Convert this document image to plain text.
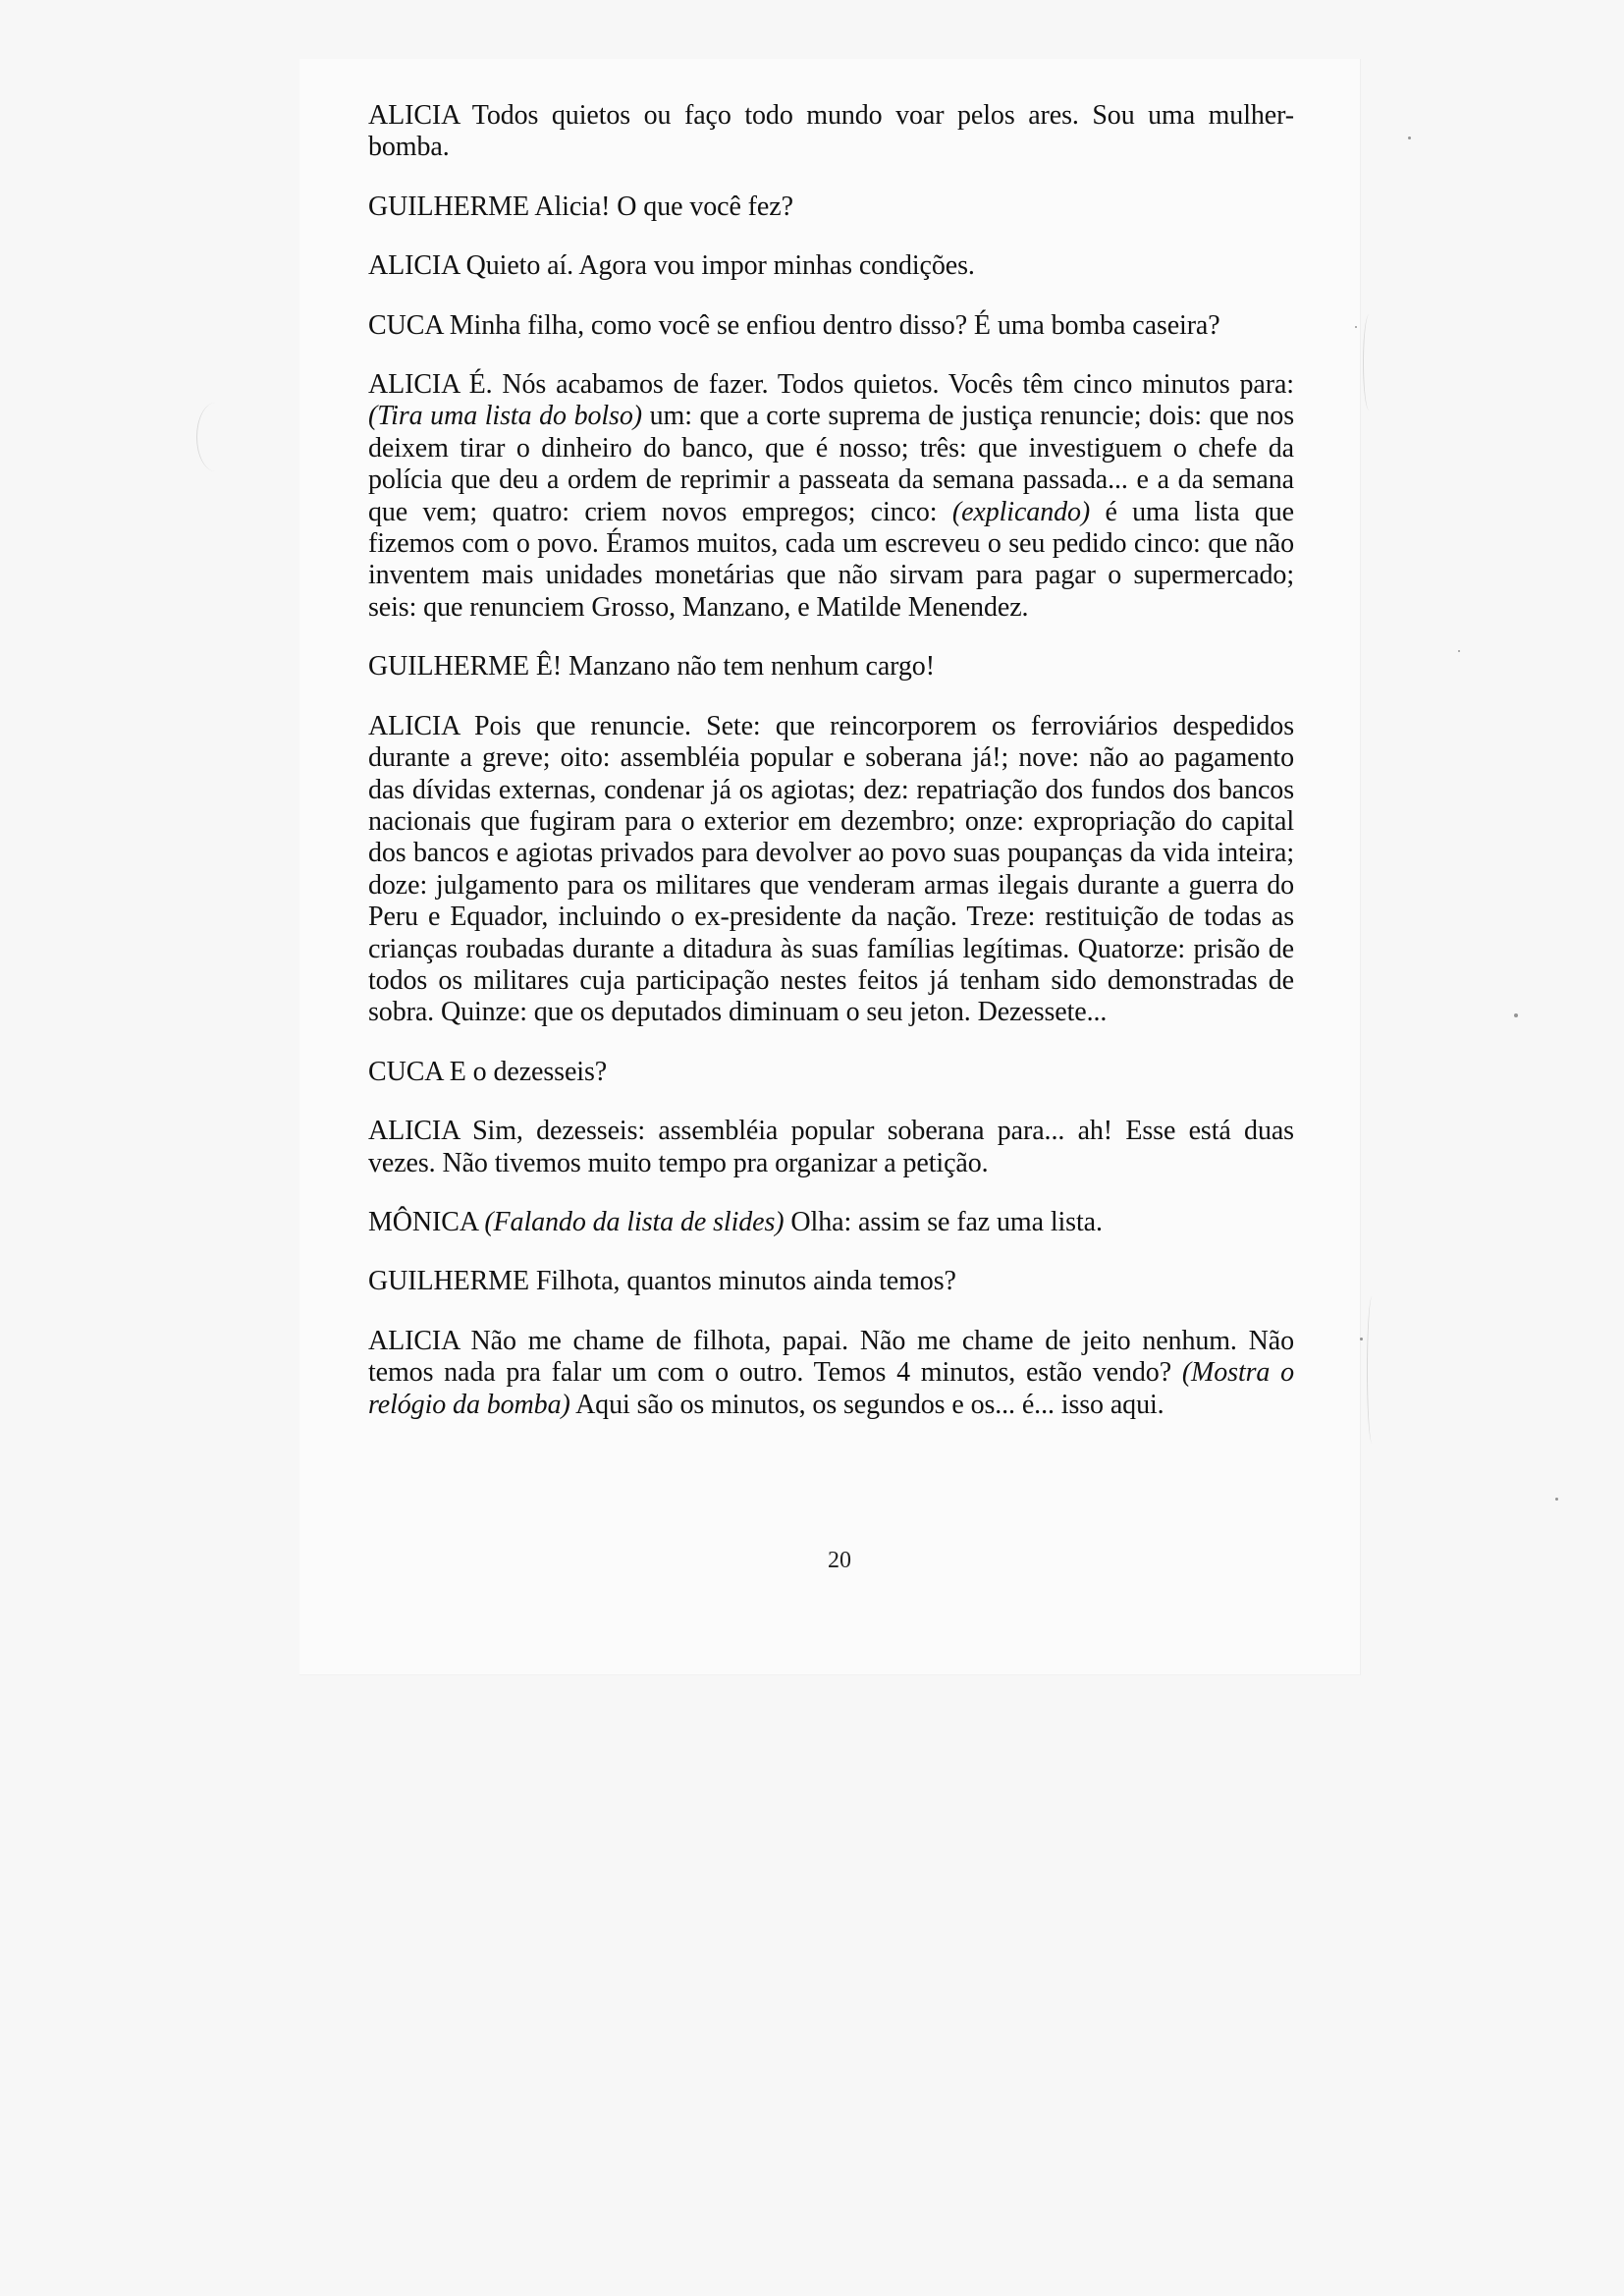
ALICIA Todos quietos ou faço todo mundo voar pelos ares. Sou uma mulher-bomba.

GUILHERME Alicia! O que você fez?

ALICIA Quieto aí. Agora vou impor minhas condições.

CUCA Minha filha, como você se enfiou dentro disso? É uma bomba caseira?

ALICIA É. Nós acabamos de fazer. Todos quietos. Vocês têm cinco minutos para: (Tira uma lista do bolso) um: que a corte suprema de justiça renuncie; dois: que nos deixem tirar o dinheiro do banco, que é nosso; três: que investiguem o chefe da polícia que deu a ordem de reprimir a passeata da semana passada... e a da semana que vem; quatro: criem novos empregos; cinco: (explicando) é uma lista que fizemos com o povo. Éramos muitos, cada um escreveu o seu pedido cinco: que não inventem mais unidades monetárias que não sirvam para pagar o supermercado; seis: que renunciem Grosso, Manzano, e Matilde Menendez.

GUILHERME Ê! Manzano não tem nenhum cargo!

ALICIA Pois que renuncie. Sete: que reincorporem os ferroviários despedidos durante a greve; oito: assembléia popular e soberana já!; nove: não ao pagamento das dívidas externas, condenar já os agiotas; dez: repatriação dos fundos dos bancos nacionais que fugiram para o exterior em dezembro; onze: expropriação do capital dos bancos e agiotas privados para devolver ao povo suas poupanças da vida inteira; doze: julgamento para os militares que venderam armas ilegais durante a guerra do Peru e Equador, incluindo o ex-presidente da nação. Treze: restituição de todas as crianças roubadas durante a ditadura às suas famílias legítimas. Quatorze: prisão de todos os militares cuja participação nestes feitos já tenham sido demonstradas de sobra. Quinze: que os deputados diminuam o seu jeton. Dezessete...

CUCA E o dezesseis?

ALICIA Sim, dezesseis: assembléia popular soberana para... ah! Esse está duas vezes. Não tivemos muito tempo pra organizar a petição.

MÔNICA (Falando da lista de slides) Olha: assim se faz uma lista.

GUILHERME Filhota, quantos minutos ainda temos?

ALICIA Não me chame de filhota, papai. Não me chame de jeito nenhum. Não temos nada pra falar um com o outro. Temos 4 minutos, estão vendo? (Mostra o relógio da bomba) Aqui são os minutos, os segundos e os... é... isso aqui.

20
